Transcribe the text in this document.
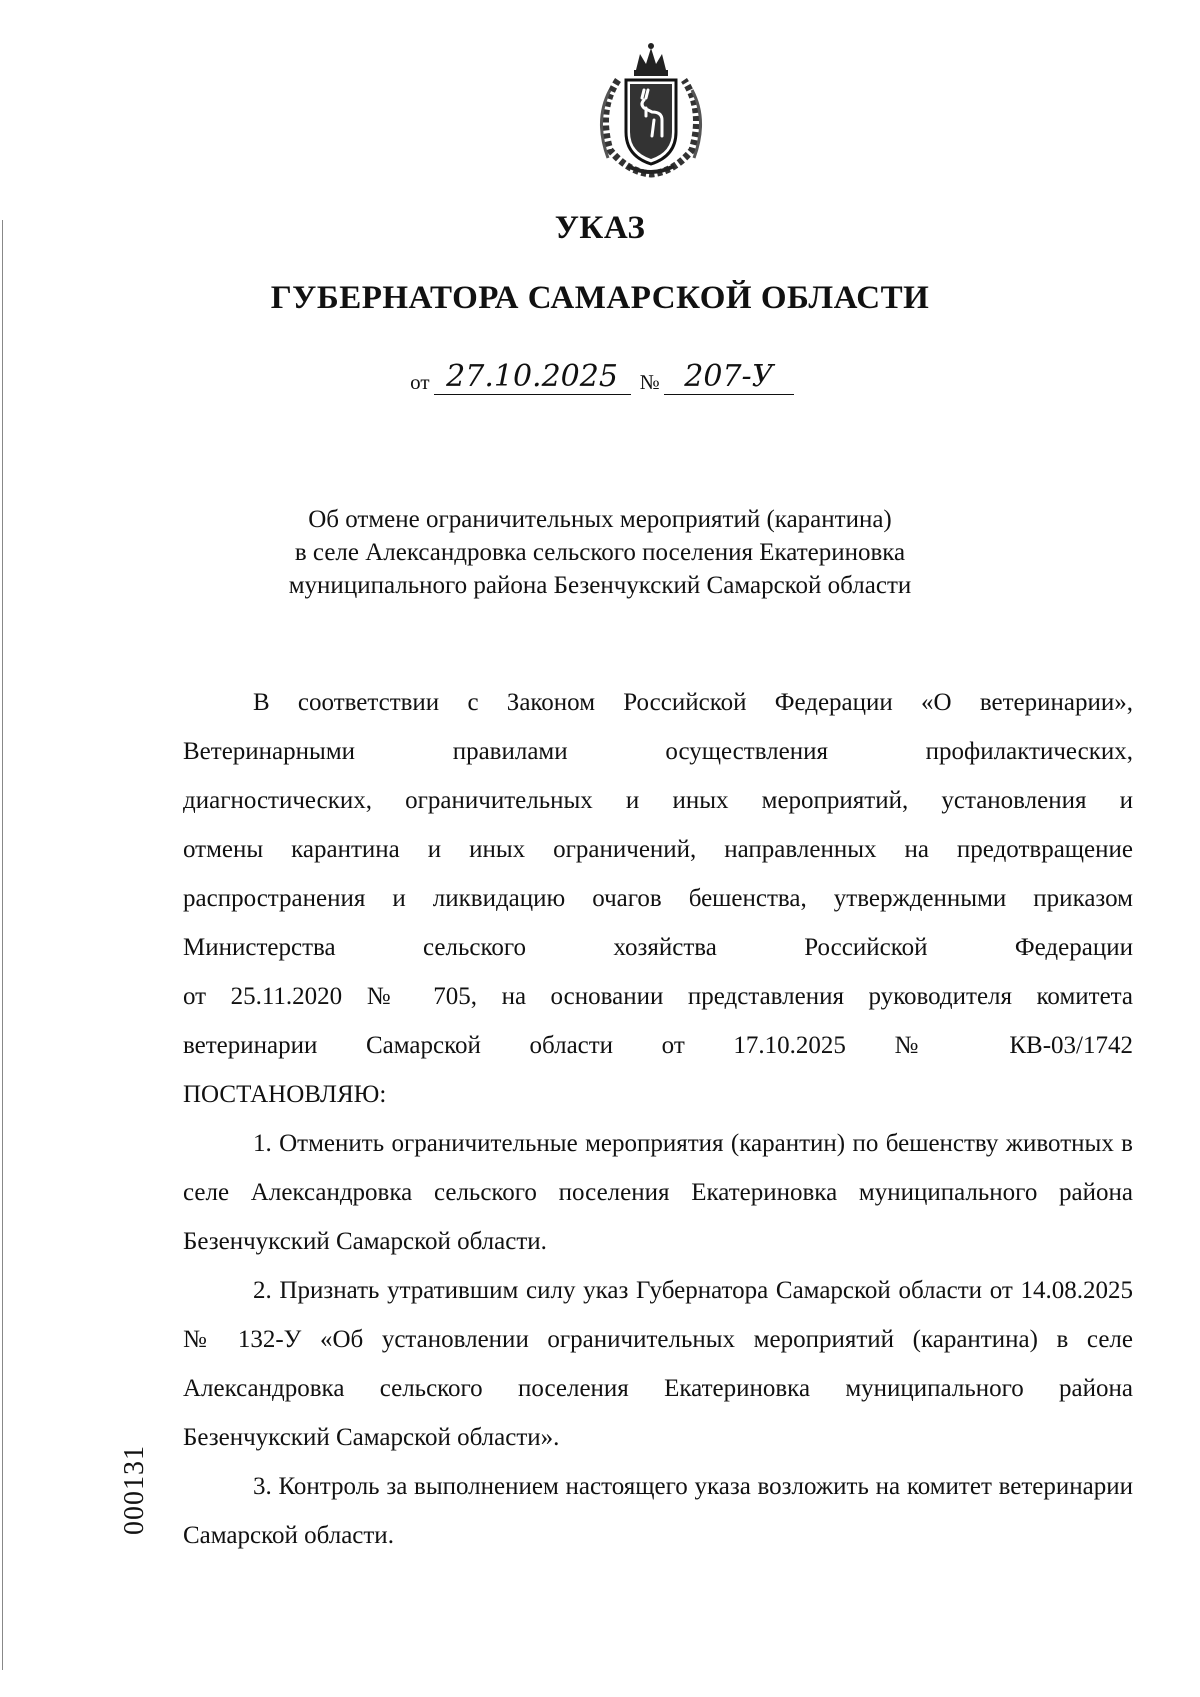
УКАЗ
ГУБЕРНАТОРА САМАРСКОЙ ОБЛАСТИ
от 27.10.2025 № 207-У
Об отмене ограничительных мероприятий (карантина)
в селе Александровка сельского поселения Екатериновка
муниципального района Безенчукский Самарской области
В соответствии с Законом Российской Федерации «О ветеринарии»,
Ветеринарными правилами осуществления профилактических,
диагностических, ограничительных и иных мероприятий, установления и
отмены карантина и иных ограничений, направленных на предотвращение
распространения и ликвидацию очагов бешенства, утвержденными приказом
Министерства сельского хозяйства Российской Федерации
от 25.11.2020 № 705, на основании представления руководителя комитета
ветеринарии Самарской области от 17.10.2025 № КВ-03/1742
ПОСТАНОВЛЯЮ:

1. Отменить ограничительные мероприятия (карантин) по бешенству животных в селе Александровка сельского поселения Екатериновка муниципального района Безенчукский Самарской области.

2. Признать утратившим силу указ Губернатора Самарской области от 14.08.2025 № 132-У «Об установлении ограничительных мероприятий (карантина) в селе Александровка сельского поселения Екатериновка муниципального района Безенчукский Самарской области».

3. Контроль за выполнением настоящего указа возложить на комитет ветеринарии Самарской области.

000131
